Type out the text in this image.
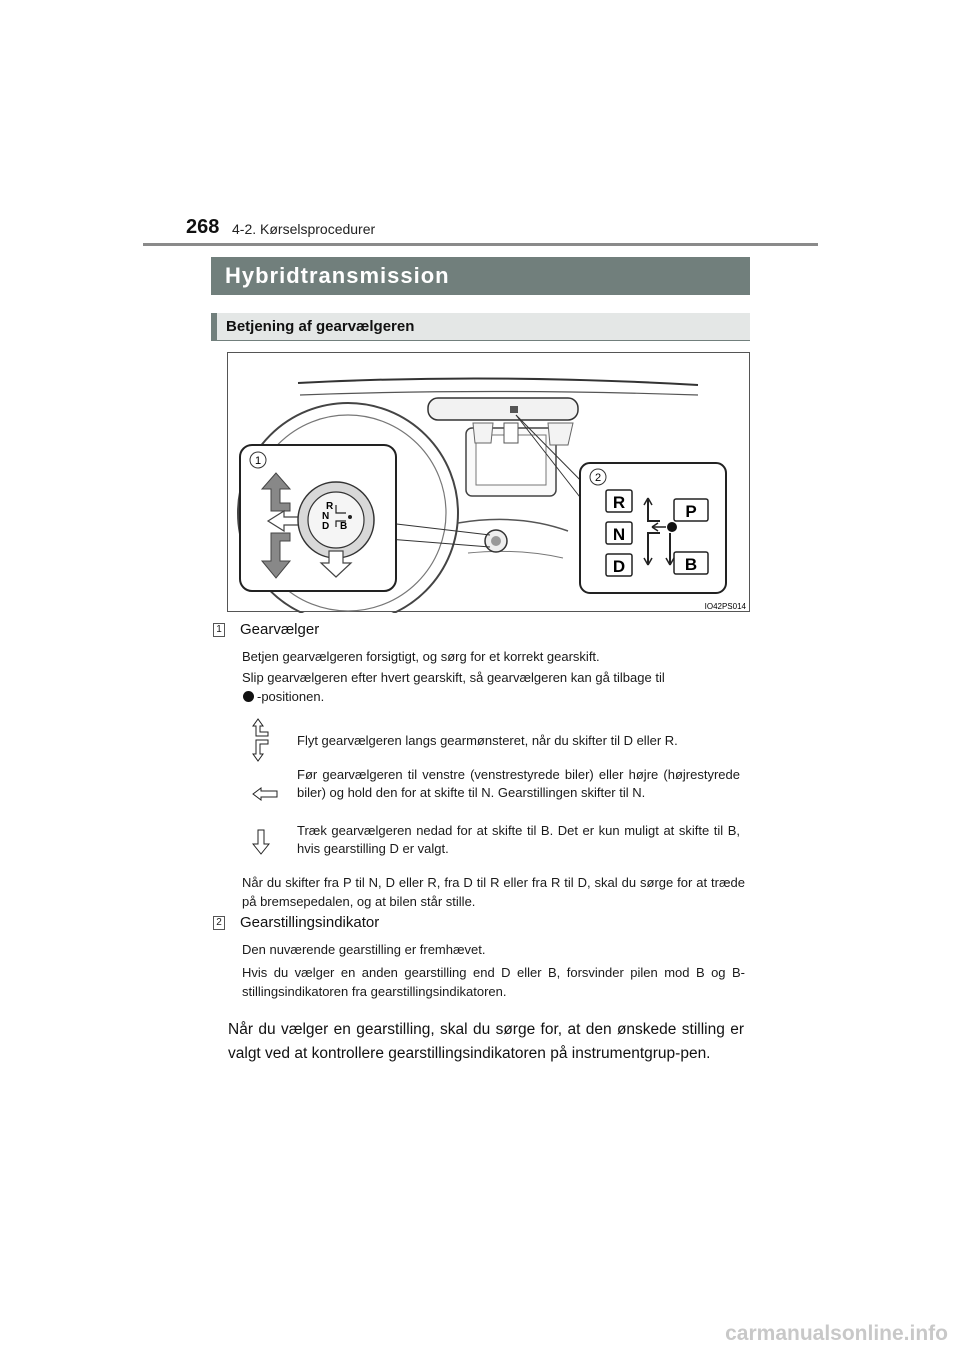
268 4-2. Kørselsprocedurer
Hybridtransmission
Betjening af gearvælgeren
1
R
N
D B
2
R
N
D
P
B
IO42PS014
1 Gearvælger

Betjen gearvælgeren forsigtigt, og sørg for et korrekt gearskift.

Slip gearvælgeren efter hvert gearskift, så gearvælgeren kan gå tilbage til
-positionen.

Flyt gearvælgeren langs gearmønsteret, når du skifter til D eller R.

Før gearvælgeren til venstre (venstrestyrede biler) eller højre (højrestyrede biler) og hold den for at skifte til N. Gearstillingen skifter til N.

Træk gearvælgeren nedad for at skifte til B. Det er kun muligt at skifte til B, hvis gearstilling D er valgt.

Når du skifter fra P til N, D eller R, fra D til R eller fra R til D, skal du sørge for at træde på bremsepedalen, og at bilen står stille.

2 Gearstillingsindikator

Den nuværende gearstilling er fremhævet.

Hvis du vælger en anden gearstilling end D eller B, forsvinder pilen mod B og B-stillingsindikatoren fra gearstillingsindikatoren.

Når du vælger en gearstilling, skal du sørge for, at den ønskede stilling er valgt ved at kontrollere gearstillingsindikatoren på instrumentgrup-pen.

carmanualsonline.info
